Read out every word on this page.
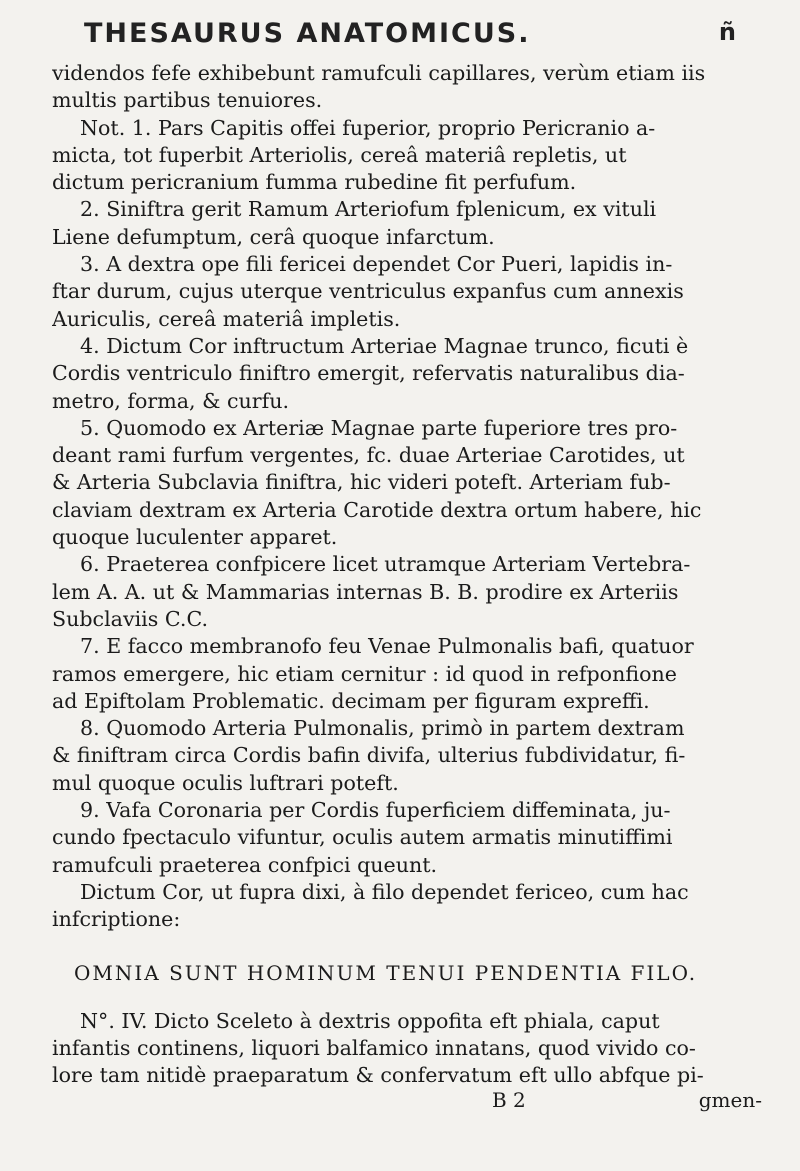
THESAURUS ANATOMICUS.	ñ
videndos fefe exhibebunt ramufculi capillares, verùm etiam iis
multis partibus tenuiores.
Not. 1. Pars Capitis offei fuperior, proprio Pericranio a-
micta, tot fuperbit Arteriolis, cereâ materiâ repletis, ut
dictum pericranium fumma rubedine fit perfufum.
2. Siniftra gerit Ramum Arteriofum fplenicum, ex vituli
Liene defumptum, cerâ quoque infarctum.
3. A dextra ope fili fericei dependet Cor Pueri, lapidis in-
ftar durum, cujus uterque ventriculus expanfus cum annexis
Auriculis, cereâ materiâ impletis.
4. Dictum Cor inftructum Arteriae Magnae trunco, ficuti è
Cordis ventriculo finiftro emergit, refervatis naturalibus dia-
metro, forma, & curfu.
5. Quomodo ex Arteriæ Magnae parte fuperiore tres pro-
deant rami furfum vergentes, fc. duae Arteriae Carotides, ut
& Arteria Subclavia finiftra, hic videri poteft. Arteriam fub-
claviam dextram ex Arteria Carotide dextra ortum habere, hic
quoque luculenter apparet.
6. Praeterea confpicere licet utramque Arteriam Vertebra-
lem A. A. ut & Mammarias internas B. B. prodire ex Arteriis
Subclaviis C.C.
7. E facco membranofo feu Venae Pulmonalis bafi, quatuor
ramos emergere, hic etiam cernitur : id quod in refponfione
ad Epiftolam Problematic. decimam per figuram expreffi.
8. Quomodo Arteria Pulmonalis, primò in partem dextram
& finiftram circa Cordis bafin divifa, ulterius fubdividatur, fi-
mul quoque oculis luftrari poteft.
9. Vafa Coronaria per Cordis fuperficiem diffeminata, ju-
cundo fpectaculo vifuntur, oculis autem armatis minutiffimi
ramufculi praeterea confpici queunt.
Dictum Cor, ut fupra dixi, à filo dependet fericeo, cum hac
infcriptione:
OMNIA SUNT HOMINUM TENUI PENDENTIA FILO.
N°. IV. Dicto Sceleto à dextris oppofita eft phiala, caput
infantis continens, liquori balfamico innatans, quod vivido co-
lore tam nitidè praeparatum & confervatum eft ullo abfque pi-
B 2	gmen-
